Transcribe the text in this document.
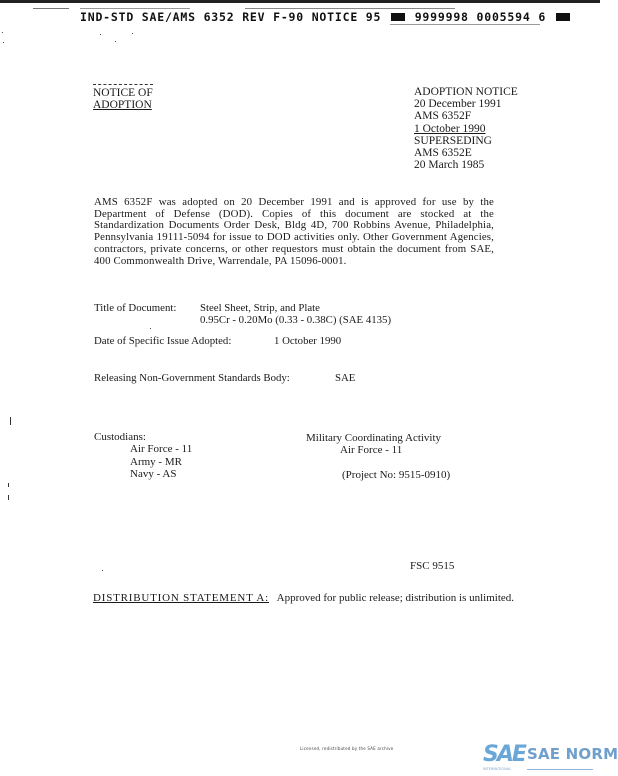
IND-STD SAE/AMS 6352 REV F-90 NOTICE 95	9999998 0005594 6
NOTICE OF
ADOPTION
ADOPTION NOTICE
20 December 1991
AMS 6352F
1 October 1990
SUPERSEDING
AMS 6352E
20 March 1985
AMS 6352F was adopted on 20 December 1991 and is approved for use by the Department of Defense (DOD). Copies of this document are stocked at the Standardization Documents Order Desk, Bldg 4D, 700 Robbins Avenue, Philadelphia, Pennsylvania 19111-5094 for issue to DOD activities only. Other Government Agencies, contractors, private concerns, or other requestors must obtain the document from SAE, 400 Commonwealth Drive, Warrendale, PA 15096-0001.
Title of Document: Steel Sheet, Strip, and Plate
0.95Cr - 0.20Mo (0.33 - 0.38C) (SAE 4135)
Date of Specific Issue Adopted:	1 October 1990
Releasing Non-Government Standards Body:	SAE
Custodians:
Air Force - 11
Army - MR
Navy - AS
Military Coordinating Activity
Air Force - 11
(Project No: 9515-0910)
FSC 9515
DISTRIBUTION STATEMENT A: Approved for public release; distribution is unlimited.
Licensed, redistributed by the SAE archive	SAE SAE NORM
INTERNATIONAL
